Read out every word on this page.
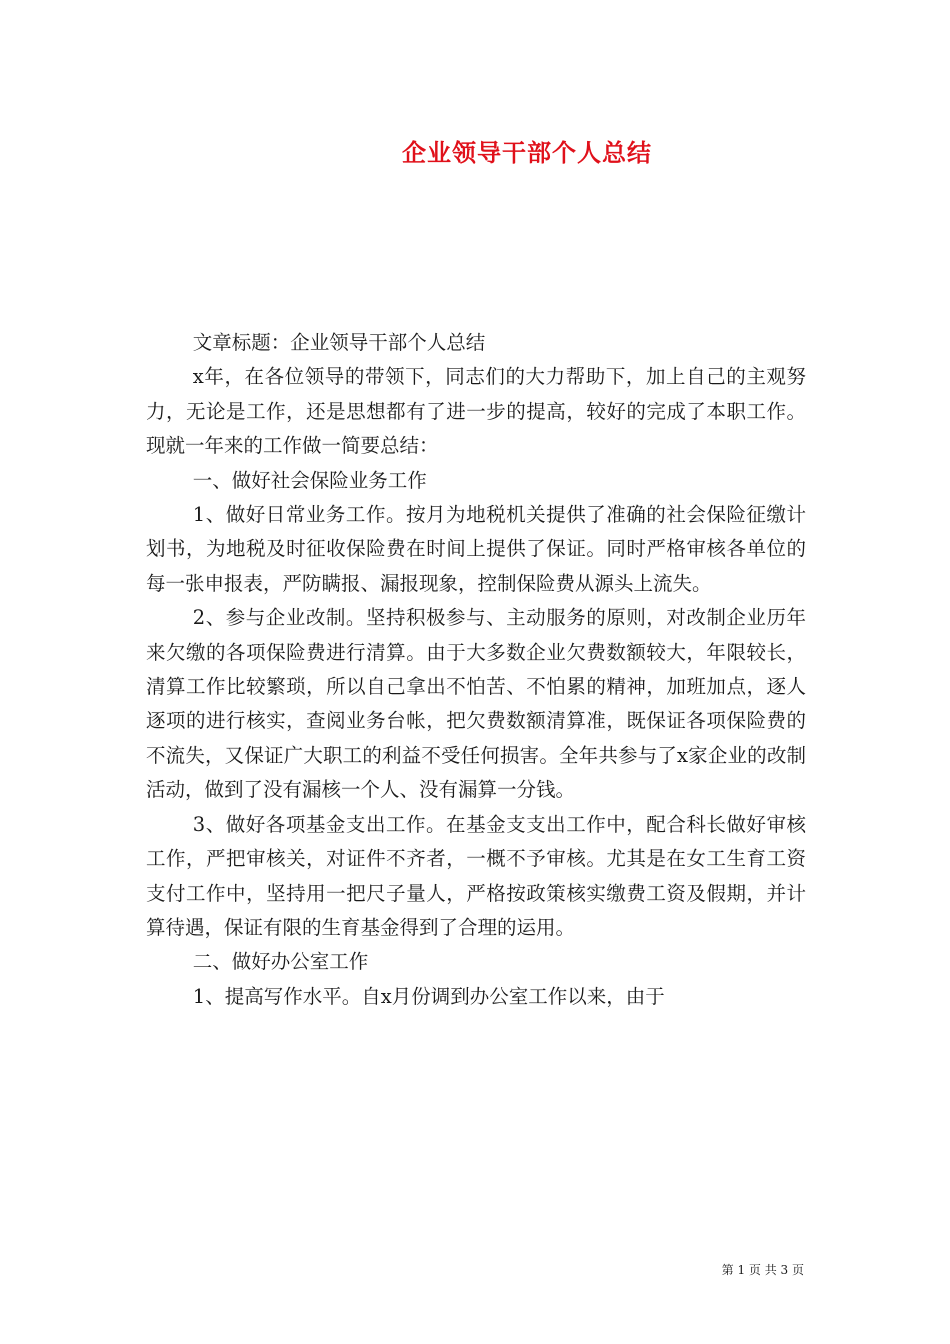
企业领导干部个人总结

文章标题：企业领导干部个人总结

x年，在各位领导的带领下，同志们的大力帮助下，加上自己的主观努力，无论是工作，还是思想都有了进一步的提高，较好的完成了本职工作。现就一年来的工作做一简要总结：

一、做好社会保险业务工作

1、做好日常业务工作。按月为地税机关提供了准确的社会保险征缴计划书，为地税及时征收保险费在时间上提供了保证。同时严格审核各单位的每一张申报表，严防瞒报、漏报现象，控制保险费从源头上流失。

2、参与企业改制。坚持积极参与、主动服务的原则，对改制企业历年来欠缴的各项保险费进行清算。由于大多数企业欠费数额较大，年限较长，清算工作比较繁琐，所以自己拿出不怕苦、不怕累的精神，加班加点，逐人逐项的进行核实，查阅业务台帐，把欠费数额清算准，既保证各项保险费的不流失，又保证广大职工的利益不受任何损害。全年共参与了x家企业的改制活动，做到了没有漏核一个人、没有漏算一分钱。

3、做好各项基金支出工作。在基金支支出工作中，配合科长做好审核工作，严把审核关，对证件不齐者，一概不予审核。尤其是在女工生育工资支付工作中，坚持用一把尺子量人，严格按政策核实缴费工资及假期，并计算待遇，保证有限的生育基金得到了合理的运用。

二、做好办公室工作

1、提高写作水平。自x月份调到办公室工作以来，由于

第 1 页 共 3 页
